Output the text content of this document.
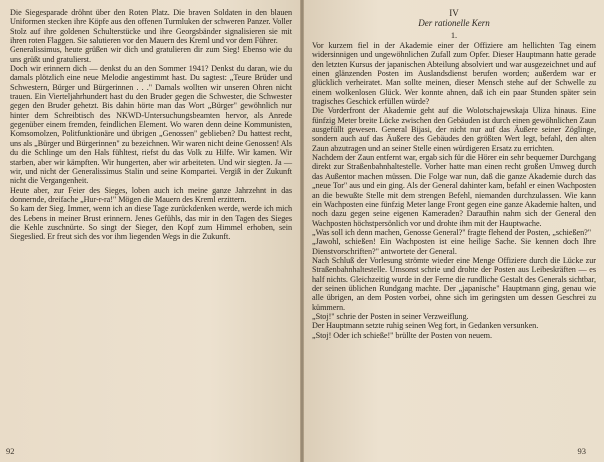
Die Siegesparade dröhnt über den Roten Platz. Die braven Soldaten in den blauen Uniformen stecken ihre Köpfe aus den offenen Turmluken der schweren Panzer. Voller Stolz auf ihre goldenen Schulterstücke und ihre Georgsbänder signalisieren sie mit ihren roten Flaggen. Sie salutieren vor den Mauern des Kreml und vor dem Führer.

Generalissimus, heute grüßen wir dich und gratulieren dir zum Sieg! Ebenso wie du uns grüßt und gratulierst.

Doch wir erinnern dich — denkst du an den Sommer 1941? Denkst du daran, wie du damals plötzlich eine neue Melodie angestimmt hast. Du sagtest: „Teure Brüder und Schwestern, Bürger und Bürgerinnen . . ." Damals wollten wir unseren Ohren nicht trauen. Ein Vierteljahrhundert hast du den Bruder gegen die Schwester, die Schwester gegen den Bruder gehetzt. Bis dahin hörte man das Wort „Bürger" gewöhnlich nur hinter dem Schreibtisch des NKWD-Untersuchungsbeamten hervor, als Anrede gegenüber einem fremden, feindlichen Element. Wo waren denn deine Kommunisten, Komsomolzen, Politfunktionäre und übrigen „Genossen" geblieben? Du hattest recht, uns als „Bürger und Bürgerinnen" zu bezeichnen. Wir waren nicht deine Genossen! Als du die Schlinge um den Hals fühltest, riefst du das Volk zu Hilfe. Wir kamen. Wir starben, aber wir kämpften. Wir hungerten, aber wir arbeiteten. Und wir siegten. Ja — wir, und nicht der Generalissimus Stalin und seine Kompartei. Vergiß in der Zukunft nicht die Vergangenheit.

Heute aber, zur Feier des Sieges, loben auch ich meine ganze Jahrzehnt in das donnernde, dreifache „Hur-r-ra!" Mögen die Mauern des Kreml erzittern.

So kam der Sieg. Immer, wenn ich an diese Tage zurückdenken werde, werde ich mich des Lebens in meiner Brust erinnern. Jenes Gefühls, das mir in den Tagen des Sieges die Kehle zuschnürte. So singt der Sieger, den Kopf zum Himmel erhoben, sein Siegeslied. Er freut sich des vor ihm liegenden Wegs in die Zukunft.

92

IV

Der rationelle Kern

1.

Vor kurzem fiel in der Akademie einer der Offiziere am hellichten Tag einem widersinnigen und ungewöhnlichen Zufall zum Opfer. Dieser Hauptmann hatte gerade den letzten Kursus der japanischen Abteilung absolviert und war ausgezeichnet und auf einen glänzenden Posten im Auslandsdienst berufen worden; außerdem war er glücklich verheiratet. Man sollte meinen, dieser Mensch stehe auf der Schwelle zu einem wolkenlosen Glück. Wer konnte ahnen, daß ich ein paar Stunden später sein tragisches Geschick erfüllen würde?

Die Vorderfront der Akademie geht auf die Wolotschajewskaja Uliza hinaus. Eine fünfzig Meter breite Lücke zwischen den Gebäuden ist durch einen gewöhnlichen Zaun ausgefüllt gewesen. General Bijasi, der nicht nur auf das Äußere seiner Zöglinge, sondern auch auf das Äußere des Gebäudes den größten Wert legt, befahl, den alten Zaun abzutragen und an seiner Stelle einen würdigeren Ersatz zu errichten.

Nachdem der Zaun entfernt war, ergab sich für die Hörer ein sehr bequemer Durchgang direkt zur Straßenbahnhaltestelle. Vorher hatte man einen recht großen Umweg durch das Außentor machen müssen. Die Folge war nun, daß die ganze Akademie durch das „neue Tor" aus und ein ging. Als der General dahinter kam, befahl er einen Wachposten an die bewußte Stelle mit dem strengen Befehl, niemanden durchzulassen. Wie kann ein Wachposten eine fünfzig Meter lange Front gegen eine ganze Akademie halten, und noch dazu gegen seine eigenen Kameraden? Daraufhin nahm sich der General den Wachposten höchstpersönlich vor und drohte ihm mit der Hauptwache.

„Was soll ich denn machen, Genosse General?" fragte flehend der Posten, „schießen?"

„Jawohl, schießen! Ein Wachposten ist eine heilige Sache. Sie kennen doch Ihre Dienstvorschriften?" antwortete der General.

Nach Schluß der Vorlesung strömte wieder eine Menge Offiziere durch die Lücke zur Straßenbahnhaltestelle. Umsonst schrie und drohte der Posten aus Leibeskräften — es half nichts. Gleichzeitig wurde in der Ferne die rundliche Gestalt des Generals sichtbar, der seinen üblichen Rundgang machte. Der „japanische" Hauptmann ging, genau wie alle übrigen, an dem Posten vorbei, ohne sich im geringsten um dessen Geschrei zu kümmern.

„Stoj!" schrie der Posten in seiner Verzweiflung.

Der Hauptmann setzte ruhig seinen Weg fort, in Gedanken versunken.

„Stoj! Oder ich schieße!" brüllte der Posten von neuem.

93
